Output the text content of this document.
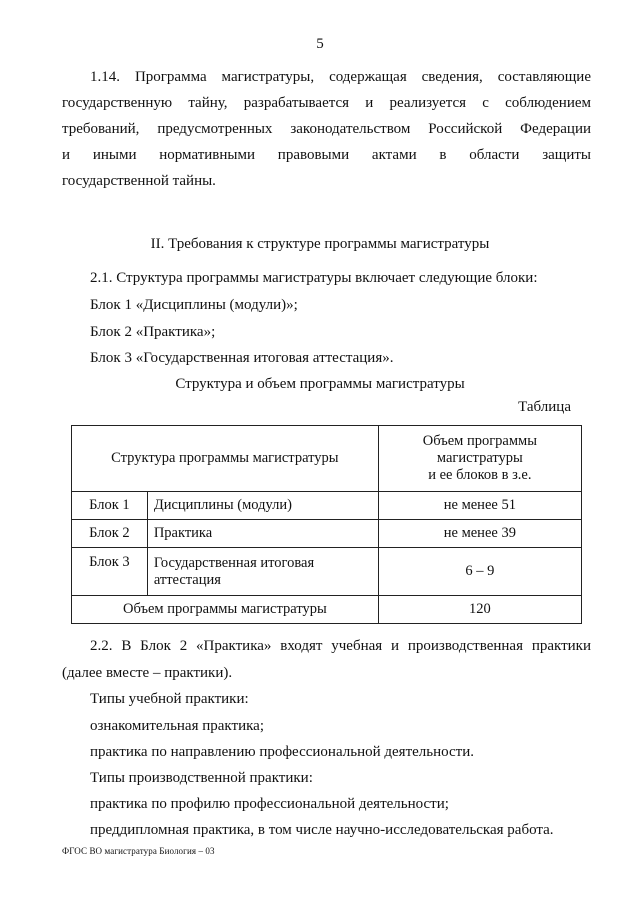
5
1.14. Программа магистратуры, содержащая сведения, составляющие
государственную тайну, разрабатывается и реализуется с соблюдением
требований, предусмотренных законодательством Российской Федерации
и иными нормативными правовыми актами в области защиты
государственной тайны.
II. Требования к структуре программы магистратуры
2.1. Структура программы магистратуры включает следующие блоки:
Блок 1 «Дисциплины (модули)»;
Блок 2 «Практика»;
Блок 3 «Государственная итоговая аттестация».
Структура и объем программы магистратуры
Таблица
Структура программы магистратуры		Объем программы
магистратуры
и ее блоков в з.е.

Блок 1	Дисциплины (модули)	не менее 51
Блок 2	Практика	не менее 39
Блок 3	Государственная итоговая аттестация	6 – 9
Объем программы магистратуры		120
2.2. В Блок 2 «Практика» входят учебная и производственная практики
(далее вместе – практики).
Типы учебной практики:
ознакомительная практика;
практика по направлению профессиональной деятельности.
Типы производственной практики:
практика по профилю профессиональной деятельности;
преддипломная практика, в том числе научно-исследовательская работа.
ФГОС ВО магистратура Биология – 03
